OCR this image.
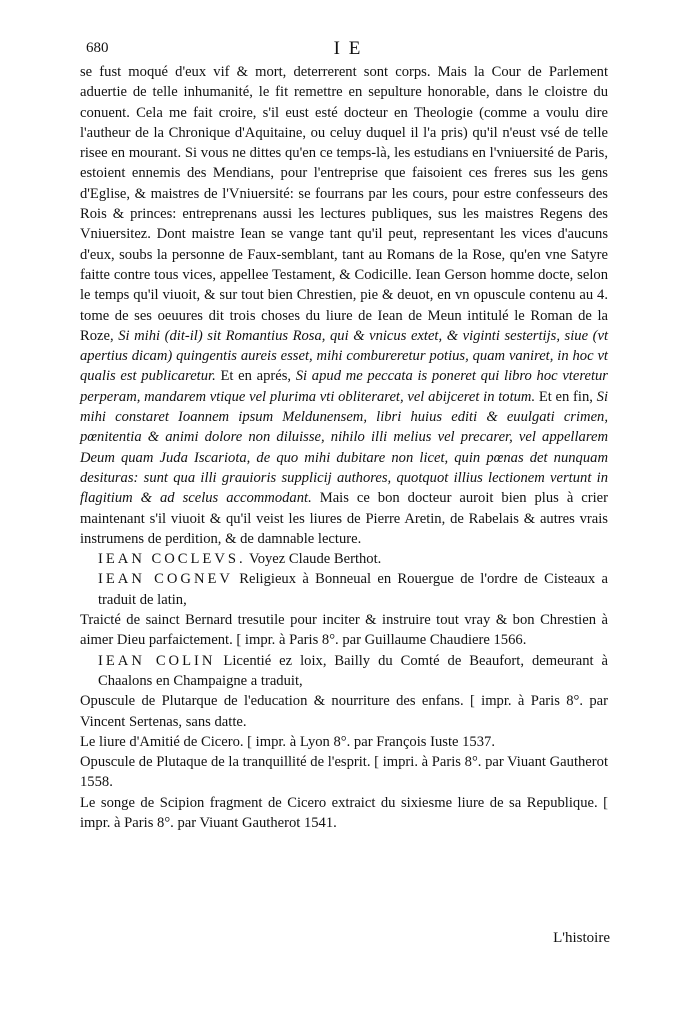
680	I E

se fust moqué d'eux vif & mort, deterrerent sont corps. Mais la Cour de Parlement aduertie de telle inhumanité, le fit remettre en sepulture honorable, dans le cloistre du conuent. Cela me fait croire, s'il eust esté docteur en Theologie (comme a voulu dire l'autheur de la Chronique d'Aquitaine, ou celuy duquel il l'a pris) qu'il n'eust vsé de telle risee en mourant. Si vous ne dittes qu'en ce temps-là, les estudians en l'vniuersité de Paris, estoient ennemis des Mendians, pour l'entreprise que faisoient ces freres sus les gens d'Eglise, & maistres de l'Vniuersité: se fourrans par les cours, pour estre confesseurs des Rois & princes: entreprenans aussi les lectures publiques, sus les maistres Regens des Vniuersitez. Dont maistre Iean se vange tant qu'il peut, representant les vices d'aucuns d'eux, soubs la personne de Faux-semblant, tant au Romans de la Rose, qu'en vne Satyre faitte contre tous vices, appellee Testament, & Codicille. Iean Gerson homme docte, selon le temps qu'il viuoit, & sur tout bien Chrestien, pie & deuot, en vn opuscule contenu au 4. tome de ses oeuures dit trois choses du liure de Iean de Meun intitulé le Roman de la Roze, Si mihi (dit-il) sit Romantius Rosa, qui & vnicus extet, & viginti sestertijs, siue (vt apertius dicam) quingentis aureis esset, mihi combureretur potius, quam vaniret, in hoc vt qualis est publicaretur. Et en aprés, Si apud me peccata is poneret qui libro hoc vteretur perperam, mandarem vtique vel plurima vti obliteraret, vel abijceret in totum. Et en fin, Si mihi constaret Ioannem ipsum Meldunensem, libri huius editi & euulgati crimen, pœnitentia & animi dolore non diluisse, nihilo illi melius vel precarer, vel appellarem Deum quam Juda Iscariota, de quo mihi dubitare non licet, quin pœnas det nunquam desituras: sunt qua illi grauioris supplicij authores, quotquot illius lectionem vertunt in flagitium & ad scelus accommodant. Mais ce bon docteur auroit bien plus à crier maintenant s'il viuoit & qu'il veist les liures de Pierre Aretin, de Rabelais & autres vrais instrumens de perdition, & de damnable lecture.

IEAN COCLEVS. Voyez Claude Berthot.

IEAN COGNEV Religieux à Bonneual en Rouergue de l'ordre de Cisteaux a traduit de latin,

Traicté de sainct Bernard tresutile pour inciter & instruire tout vray & bon Chrestien à aimer Dieu parfaictement. [ impr. à Paris 8°. par Guillaume Chaudiere 1566.

IEAN COLIN Licentié ez loix, Bailly du Comté de Beaufort, demeurant à Chaalons en Champaigne a traduit,

Opuscule de Plutarque de l'education & nourriture des enfans. [ impr. à Paris 8°. par Vincent Sertenas, sans datte.

Le liure d'Amitié de Cicero. [ impr. à Lyon 8°. par François Iuste 1537.

Opuscule de Plutaque de la tranquillité de l'esprit. [ impri. à Paris 8°. par Viuant Gautherot 1558.

Le songe de Scipion fragment de Cicero extraict du sixiesme liure de sa Republique. [ impr. à Paris 8°. par Viuant Gautherot 1541.

L'histoire
